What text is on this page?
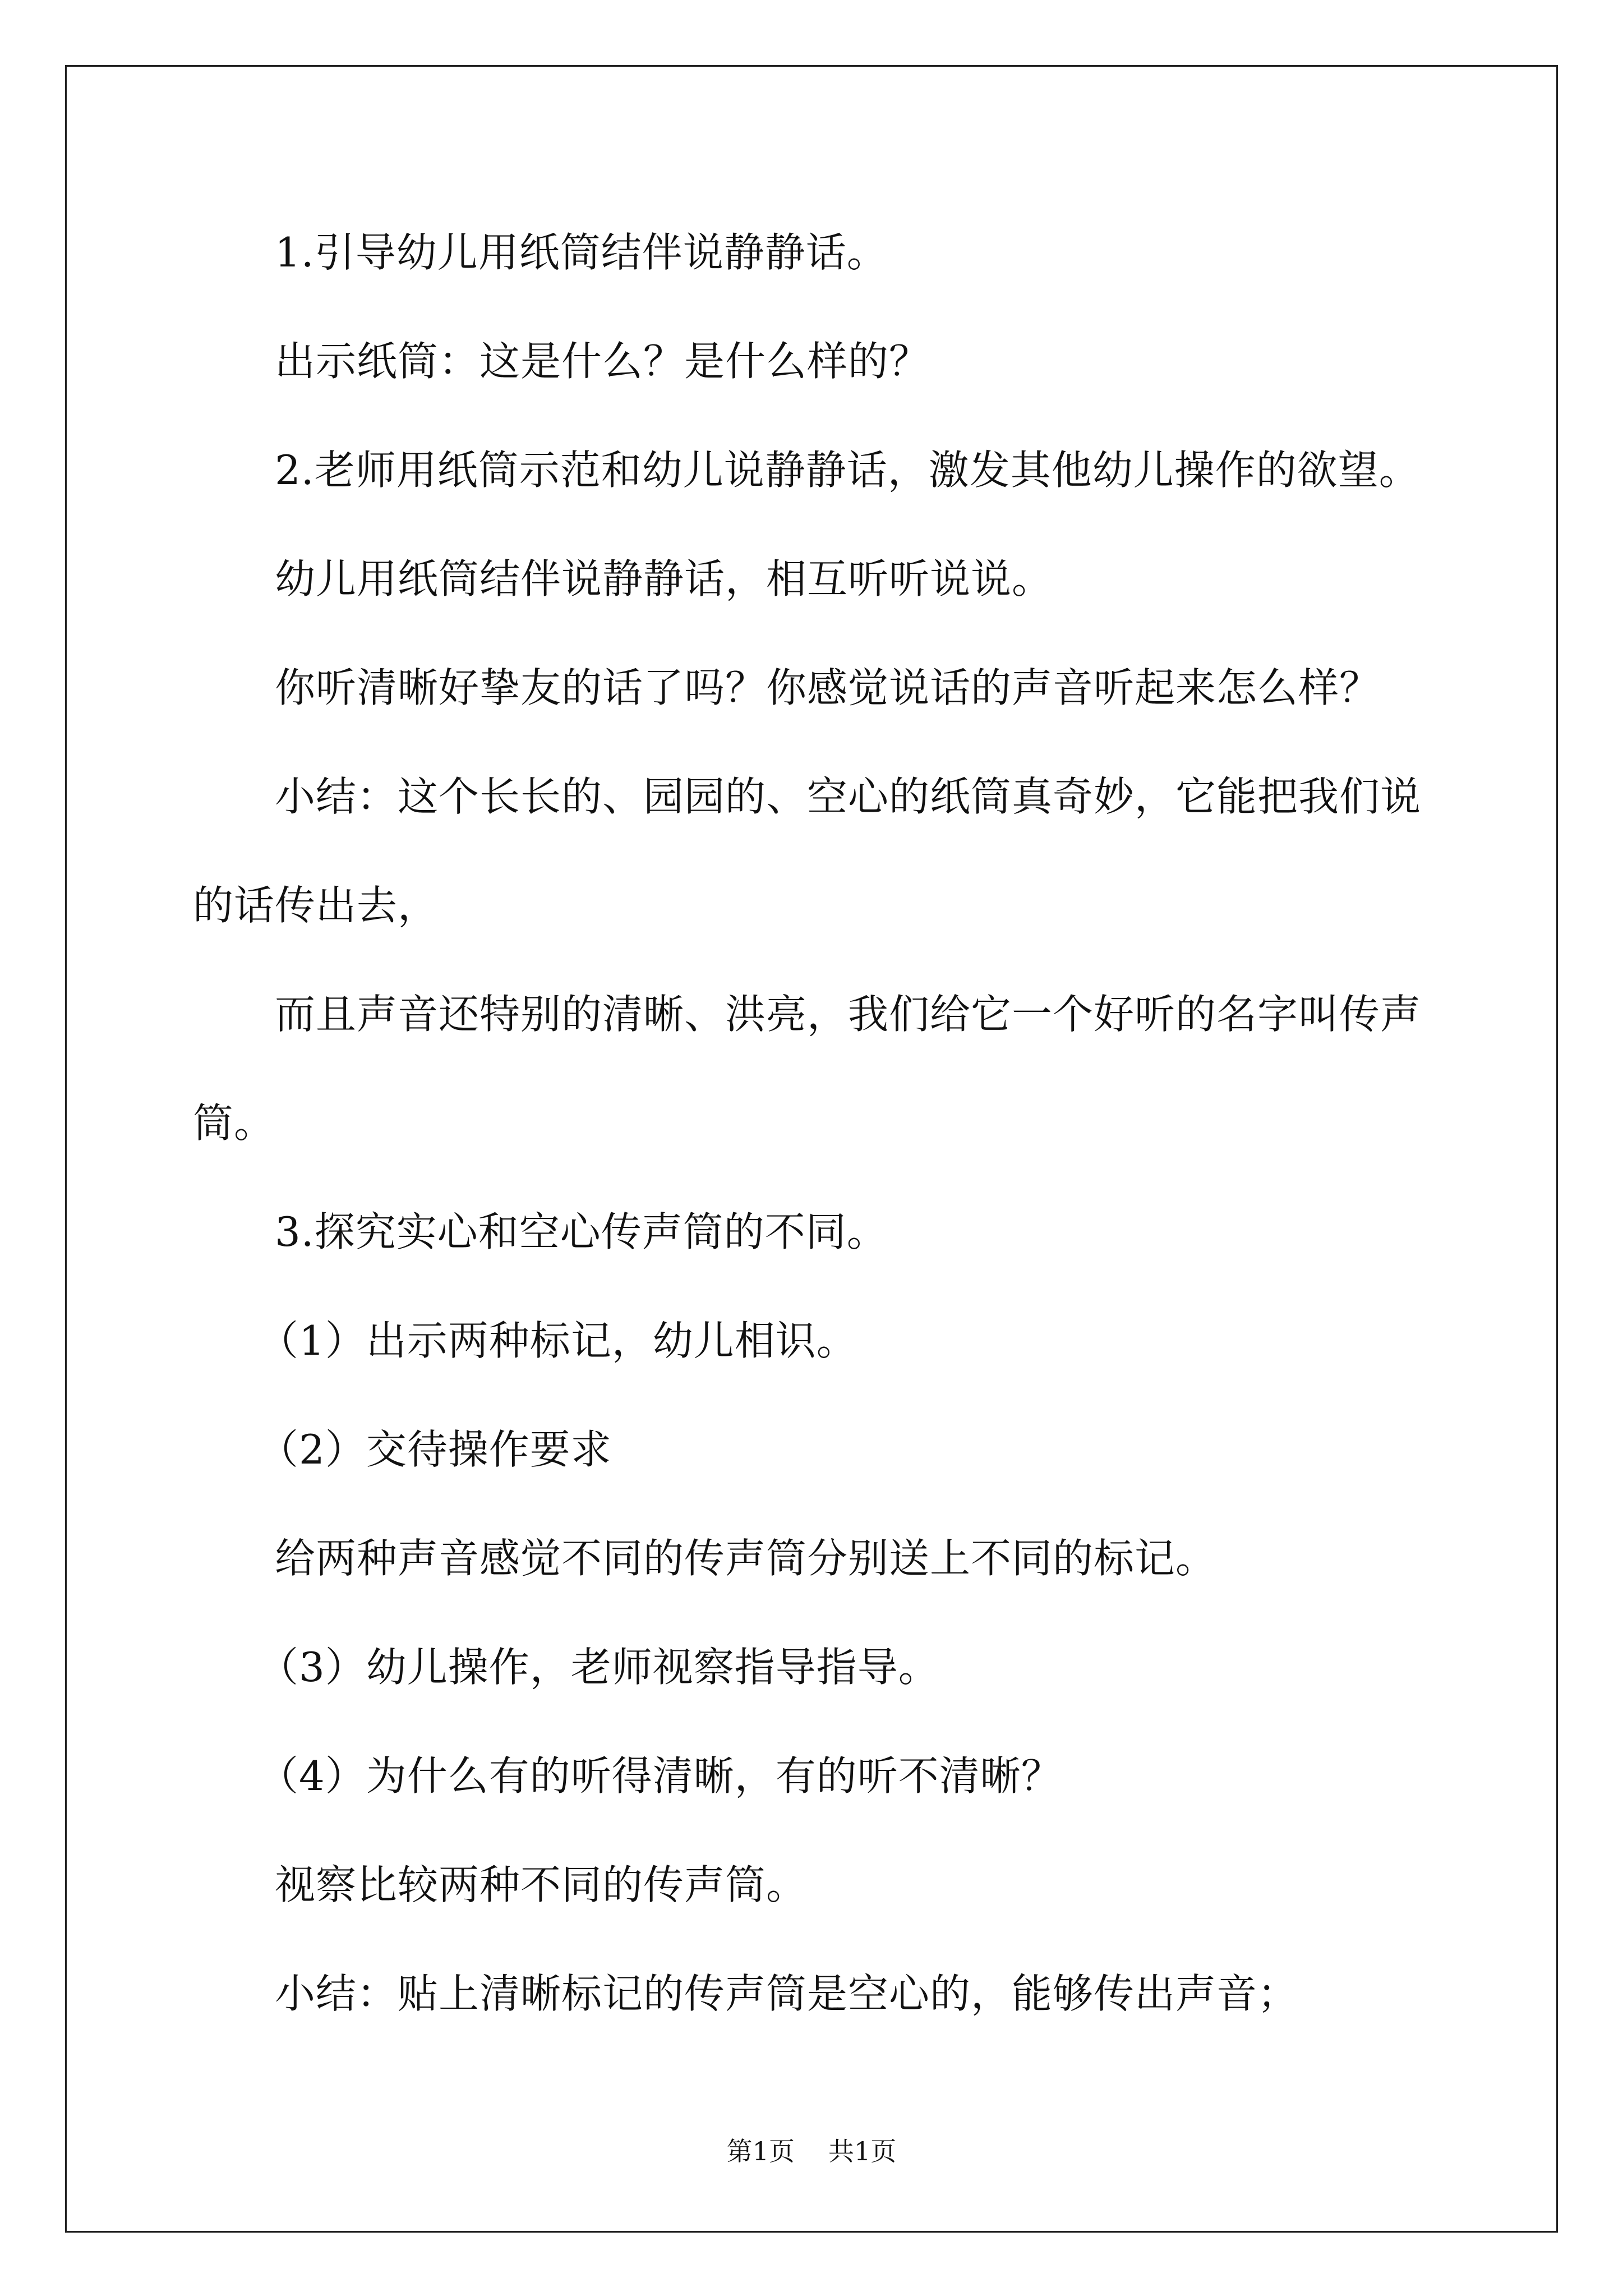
1.引导幼儿用纸筒结伴说静静话。
出示纸筒：这是什么？是什么样的？
2.老师用纸筒示范和幼儿说静静话，激发其他幼儿操作的欲望。
幼儿用纸筒结伴说静静话，相互听听说说。
你听清晰好挚友的话了吗？你感觉说话的声音听起来怎么样？
小结：这个长长的、园园的、空心的纸筒真奇妙，它能把我们说
的话传出去，
而且声音还特别的清晰、洪亮，我们给它一个好听的名字叫传声
筒。
3.探究实心和空心传声筒的不同。
（1）出示两种标记，幼儿相识。
（2）交待操作要求
给两种声音感觉不同的传声筒分别送上不同的标记。
（3）幼儿操作，老师视察指导指导。
（4）为什么有的听得清晰，有的听不清晰？
视察比较两种不同的传声筒。
小结：贴上清晰标记的传声筒是空心的，能够传出声音；
第1页 共1页
